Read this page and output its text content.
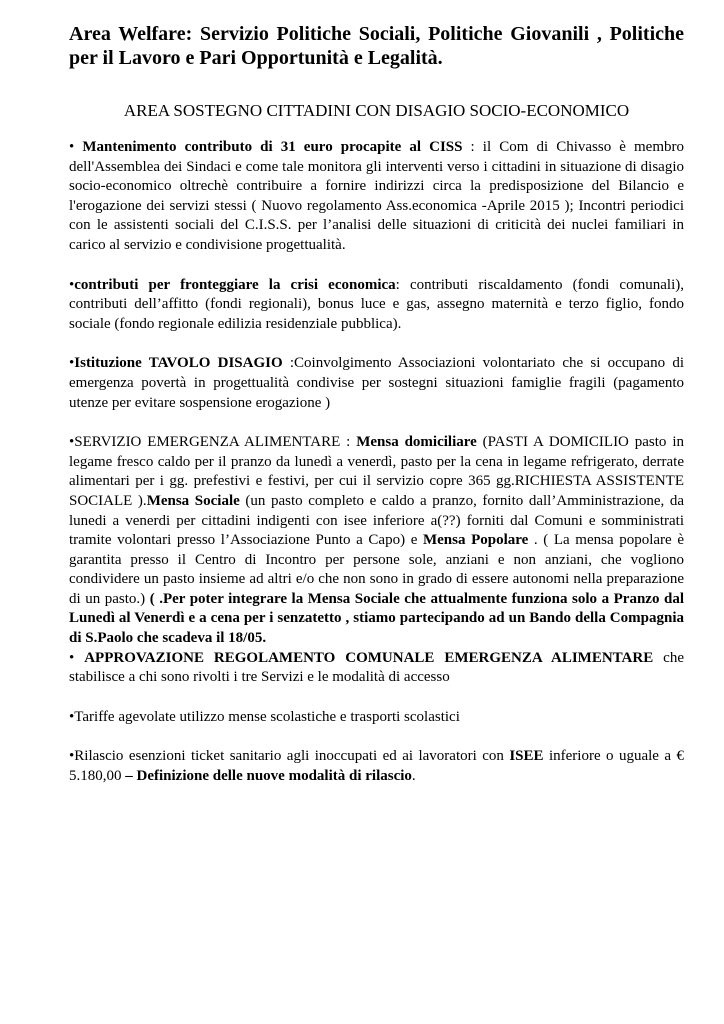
Area Welfare: Servizio Politiche Sociali, Politiche Giovanili , Politiche per il Lavoro e Pari Opportunità e Legalità.
AREA SOSTEGNO CITTADINI CON DISAGIO SOCIO-ECONOMICO

• Mantenimento contributo di 31 euro procapite al CISS : il Com di Chivasso è membro dell'Assemblea dei Sindaci e come tale monitora gli interventi verso i cittadini in situazione di disagio socio-economico oltrechè contribuire a fornire indirizzi circa la predisposizione del Bilancio e l'erogazione dei servizi stessi ( Nuovo regolamento Ass.economica -Aprile 2015 ); Incontri periodici con le assistenti sociali del C.I.S.S. per l’analisi delle situazioni di criticità dei nuclei familiari in carico al servizio e condivisione progettualità.

•contributi per fronteggiare la crisi economica: contributi riscaldamento (fondi comunali), contributi dell’affitto (fondi regionali), bonus luce e gas, assegno maternità e terzo figlio, fondo sociale (fondo regionale edilizia residenziale pubblica).

•Istituzione TAVOLO DISAGIO :Coinvolgimento Associazioni volontariato che si occupano di emergenza povertà in progettualità condivise per sostegni situazioni famiglie fragili (pagamento utenze per evitare sospensione erogazione )

•SERVIZIO EMERGENZA ALIMENTARE : Mensa domiciliare (PASTI A DOMICILIO pasto in legame fresco caldo per il pranzo da lunedì a venerdì, pasto per la cena in legame refrigerato, derrate alimentari per i gg. prefestivi e festivi, per cui il servizio copre 365 gg.RICHIESTA ASSISTENTE SOCIALE ).Mensa Sociale (un pasto completo e caldo a pranzo, fornito dall’Amministrazione, da lunedi a venerdi per cittadini indigenti con isee inferiore a(??) forniti dal Comuni e somministrati tramite volontari presso l’Associazione Punto a Capo) e Mensa Popolare . ( La mensa popolare è garantita presso il Centro di Incontro per persone sole, anziani e non anziani, che vogliono condividere un pasto insieme ad altri e/o che non sono in grado di essere autonomi nella preparazione di un pasto.) ( .Per poter integrare la Mensa Sociale che attualmente funziona solo a Pranzo dal Lunedì al Venerdì e a cena per i senzatetto , stiamo partecipando ad un Bando della Compagnia di S.Paolo che scadeva il 18/05.

• APPROVAZIONE REGOLAMENTO COMUNALE EMERGENZA ALIMENTARE che stabilisce a chi sono rivolti i tre Servizi e le modalità di accesso

•Tariffe agevolate utilizzo mense scolastiche e trasporti scolastici

•Rilascio esenzioni ticket sanitario agli inoccupati ed ai lavoratori con ISEE inferiore o uguale a € 5.180,00 – Definizione delle nuove modalità di rilascio.
